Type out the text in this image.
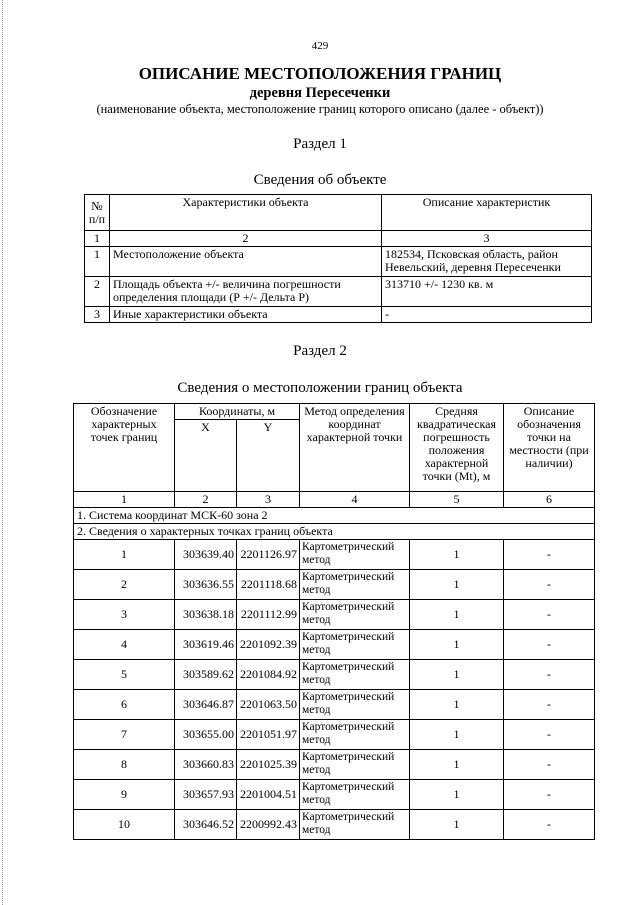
429
ОПИСАНИЕ МЕСТОПОЛОЖЕНИЯ ГРАНИЦ
деревня Пересеченки
(наименование объекта, местоположение границ которого описано (далее - объект))
Раздел 1
Сведения об объекте
№ п/п	Характеристики объекта	Описание характеристик
1	2	3
1	Местоположение объекта	182534, Псковская область, район Невельский, деревня Пересеченки
2	Площадь объекта +/- величина погрешности определения площади (Р +/- Дельта Р)	313710 +/- 1230 кв. м
3	Иные характеристики объекта	-
Раздел 2
Сведения о местоположении границ объекта
Обозначение характерных точек границ	Координаты, м		Метод определения координат характерной точки	Средняя квадратическая погрешность положения характерной точки (Mt), м	Описание обозначения точки на местности (при наличии)
	X	Y			
1	2	3	4	5	6
1. Система координат МСК-60 зона 2					
2. Сведения о характерных точках границ объекта					
1	303639.40	2201126.97	Картометрический метод	1	-
2	303636.55	2201118.68	Картометрический метод	1	-
3	303638.18	2201112.99	Картометрический метод	1	-
4	303619.46	2201092.39	Картометрический метод	1	-
5	303589.62	2201084.92	Картометрический метод	1	-
6	303646.87	2201063.50	Картометрический метод	1	-
7	303655.00	2201051.97	Картометрический метод	1	-
8	303660.83	2201025.39	Картометрический метод	1	-
9	303657.93	2201004.51	Картометрический метод	1	-
10	303646.52	2200992.43	Картометрический метод	1	-
